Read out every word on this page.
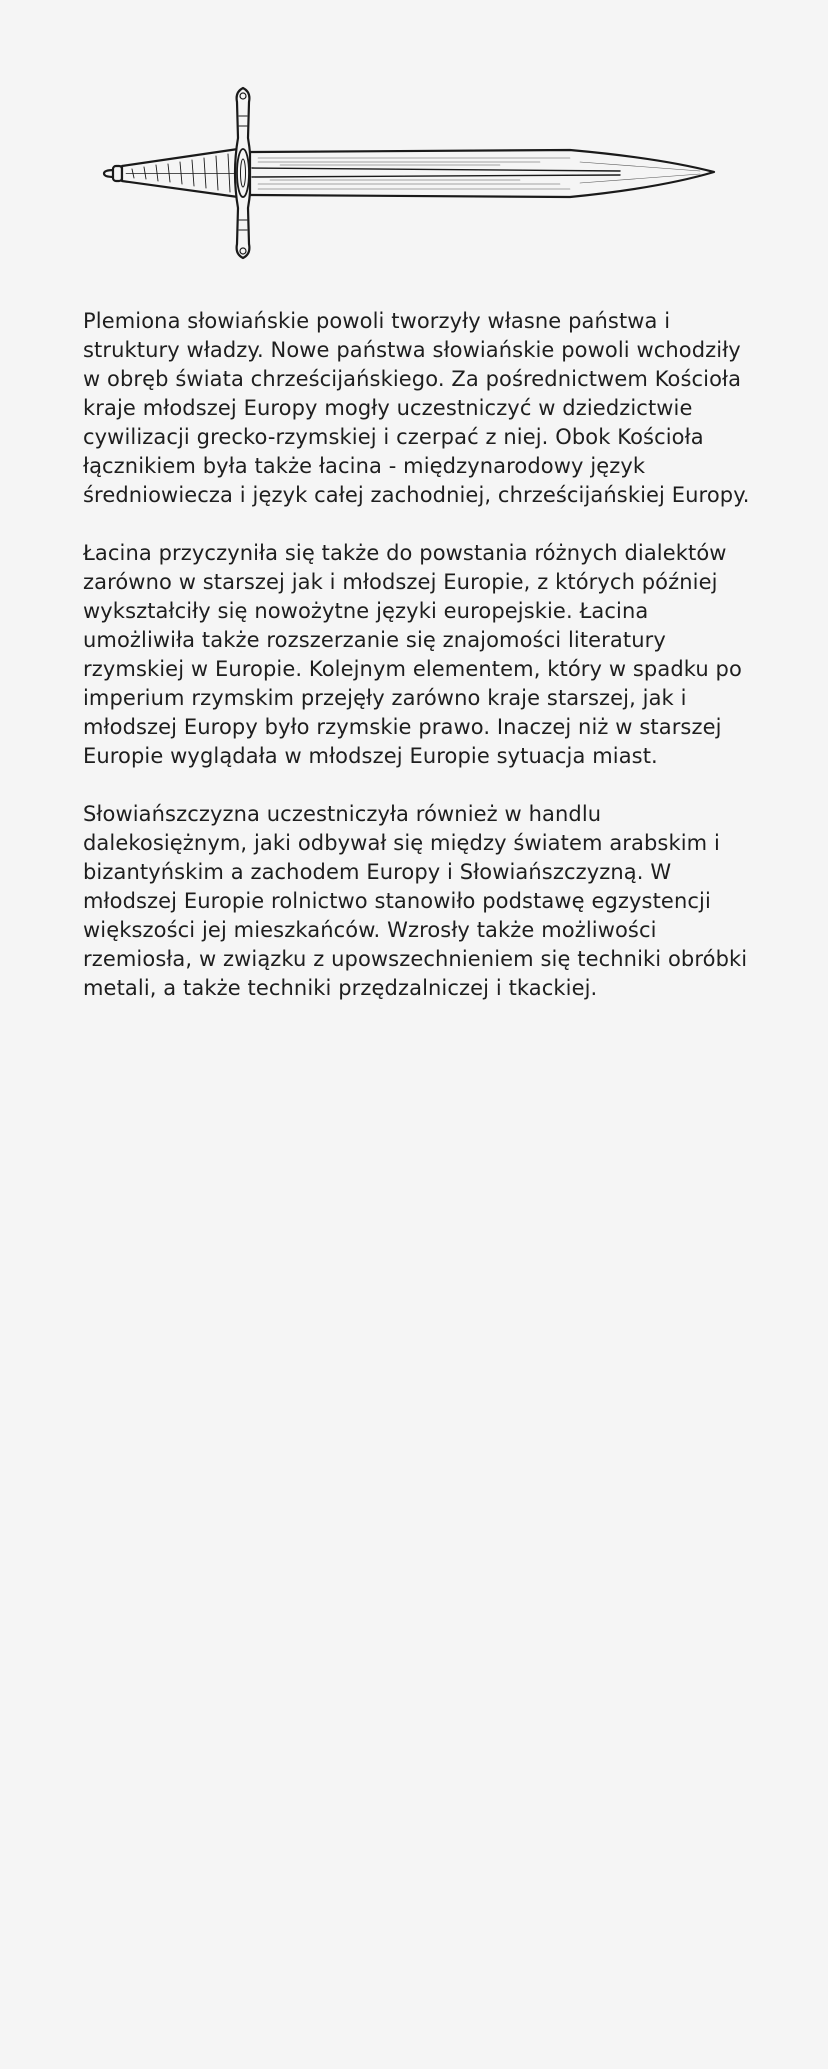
Plemiona słowiańskie powoli tworzyły własne państwa i struktury władzy. Nowe państwa słowiańskie powoli wchodziły w obręb świata chrześcijańskiego. Za pośrednictwem Kościoła kraje młodszej Europy mogły uczestniczyć w dziedzictwie cywilizacji grecko-rzymskiej i czerpać z niej. Obok Kościoła łącznikiem była także łacina - międzynarodowy język średniowiecza i język całej zachodniej, chrześcijańskiej Europy.

Łacina przyczyniła się także do powstania różnych dialektów zarówno w starszej jak i młodszej Europie, z których później wykształciły się nowożytne języki europejskie. Łacina umożliwiła także rozszerzanie się znajomości literatury rzymskiej w Europie. Kolejnym elementem, który w spadku po imperium rzymskim przejęły zarówno kraje starszej, jak i młodszej Europy było rzymskie prawo. Inaczej niż w starszej Europie wyglądała w młodszej Europie sytuacja miast.

Słowiańszczyzna uczestniczyła również w handlu dalekosiężnym, jaki odbywał się między światem arabskim i bizantyńskim a zachodem Europy i Słowiańszczyzną. W młodszej Europie rolnictwo stanowiło podstawę egzystencji większości jej mieszkańców. Wzrosły także możliwości rzemiosła, w związku z upowszechnieniem się techniki obróbki metali, a także techniki przędzalniczej i tkackiej.
